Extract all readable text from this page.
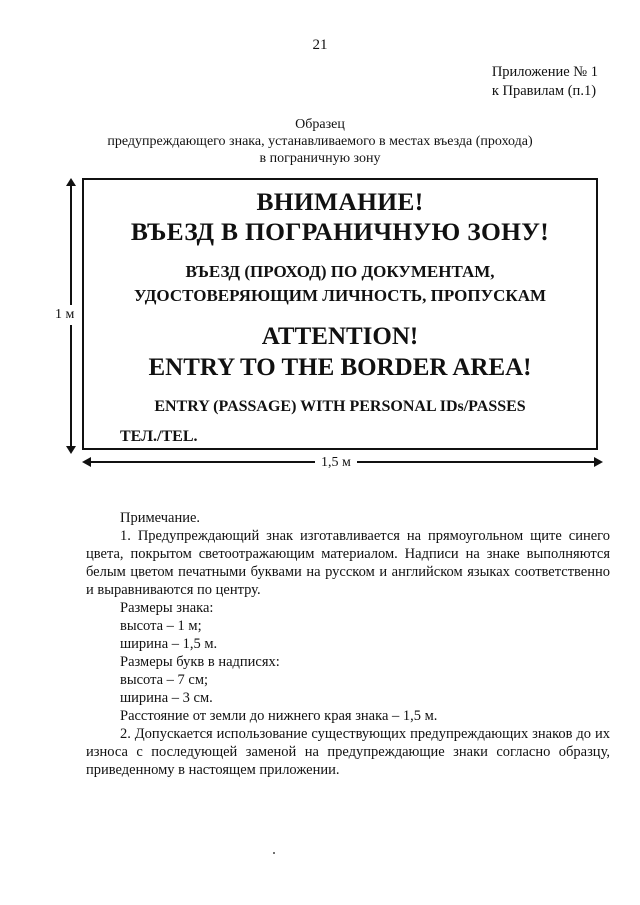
21
Приложение № 1
к Правилам (п.1)
Образец
предупреждающего знака, устанавливаемого в местах въезда (прохода)
в пограничную зону
1 м
ВНИМАНИЕ!
ВЪЕЗД В ПОГРАНИЧНУЮ ЗОНУ!
ВЪЕЗД (ПРОХОД) ПО ДОКУМЕНТАМ,
УДОСТОВЕРЯЮЩИМ ЛИЧНОСТЬ, ПРОПУСКАМ
ATTENTION!
ENTRY TO THE BORDER AREA!
ENTRY (PASSAGE) WITH PERSONAL IDs/PASSES
ТЕЛ./TEL.
1,5 м

Примечание.

1. Предупреждающий знак изготавливается на прямоугольном щите синего цвета, покрытом светоотражающим материалом. Надписи на знаке выполняются белым цветом печатными буквами на русском и английском языках соответственно и выравниваются по центру.

Размеры знака:

высота – 1 м;

ширина – 1,5 м.

Размеры букв в надписях:

высота – 7 см;

ширина – 3 см.

Расстояние от земли до нижнего края знака – 1,5 м.

2. Допускается использование существующих предупреждающих знаков до их износа с последующей заменой на предупреждающие знаки согласно образцу, приведенному в настоящем приложении.
